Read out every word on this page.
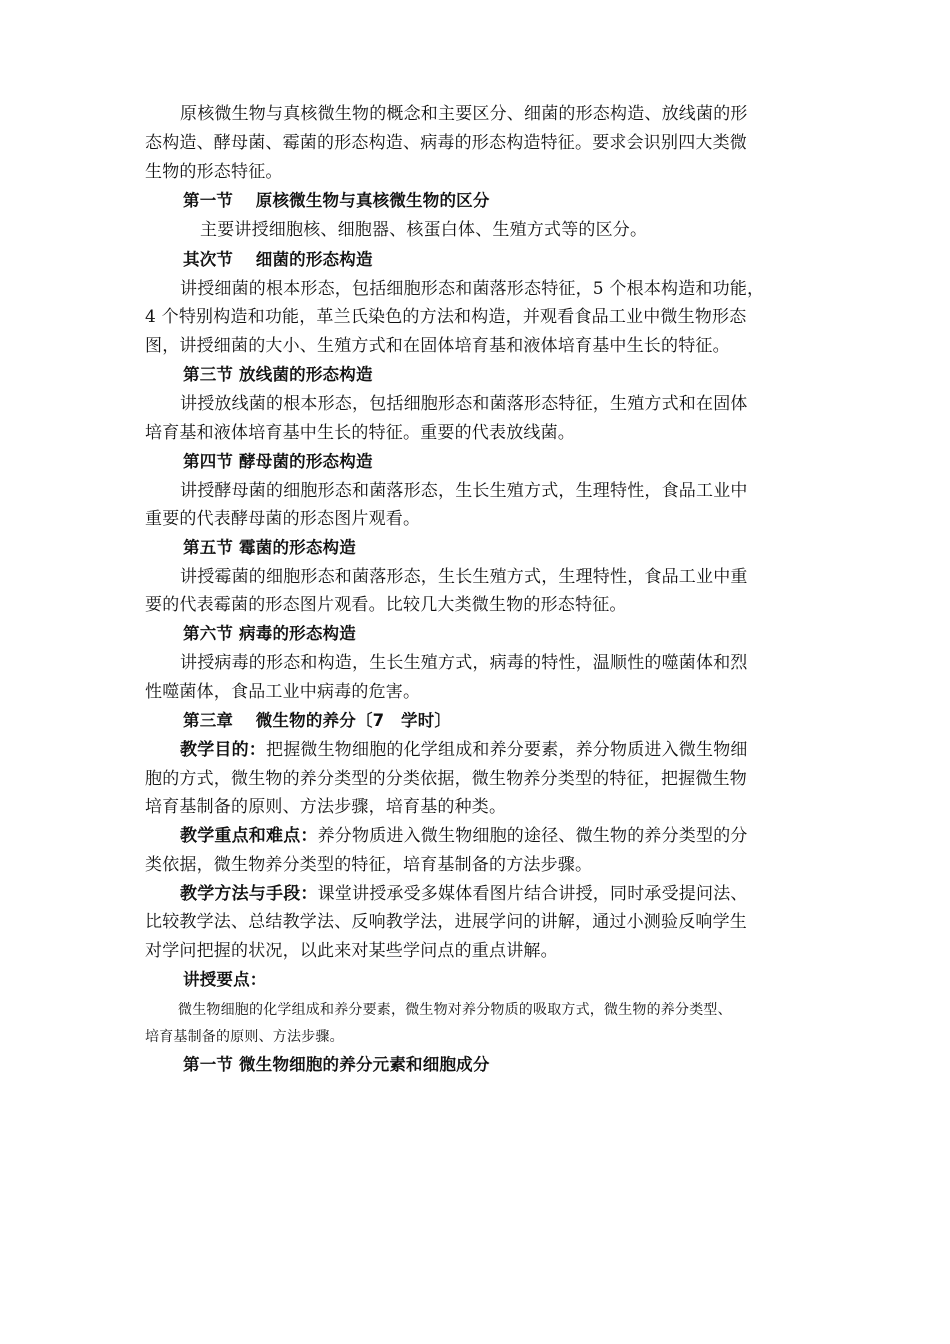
原核微生物与真核微生物的概念和主要区分、细菌的形态构造、放线菌的形
态构造、酵母菌、霉菌的形态构造、病毒的形态构造特征。要求会识别四大类微
生物的形态特征。
第一节　 原核微生物与真核微生物的区分
主要讲授细胞核、细胞器、核蛋白体、生殖方式等的区分。
其次节　 细菌的形态构造
讲授细菌的根本形态，包括细胞形态和菌落形态特征，5 个根本构造和功能，
4 个特别构造和功能，革兰氏染色的方法和构造，并观看食品工业中微生物形态
图，讲授细菌的大小、生殖方式和在固体培育基和液体培育基中生长的特征。
第三节 放线菌的形态构造
讲授放线菌的根本形态，包括细胞形态和菌落形态特征，生殖方式和在固体
培育基和液体培育基中生长的特征。重要的代表放线菌。
第四节 酵母菌的形态构造
讲授酵母菌的细胞形态和菌落形态，生长生殖方式，生理特性，食品工业中
重要的代表酵母菌的形态图片观看。
第五节 霉菌的形态构造
讲授霉菌的细胞形态和菌落形态，生长生殖方式，生理特性，食品工业中重
要的代表霉菌的形态图片观看。比较几大类微生物的形态特征。
第六节 病毒的形态构造
讲授病毒的形态和构造，生长生殖方式，病毒的特性，温顺性的噬菌体和烈
性噬菌体，食品工业中病毒的危害。
第三章　 微生物的养分〔7　学时〕
教学目的：把握微生物细胞的化学组成和养分要素，养分物质进入微生物细
胞的方式，微生物的养分类型的分类依据，微生物养分类型的特征，把握微生物
培育基制备的原则、方法步骤，培育基的种类。
教学重点和难点：养分物质进入微生物细胞的途径、微生物的养分类型的分
类依据，微生物养分类型的特征，培育基制备的方法步骤。
教学方法与手段：课堂讲授承受多媒体看图片结合讲授，同时承受提问法、
比较教学法、总结教学法、反响教学法，进展学问的讲解，通过小测验反响学生
对学问把握的状况，以此来对某些学问点的重点讲解。
讲授要点：
微生物细胞的化学组成和养分要素，微生物对养分物质的吸取方式，微生物的养分类型、
培育基制备的原则、方法步骤。
第一节 微生物细胞的养分元素和细胞成分
